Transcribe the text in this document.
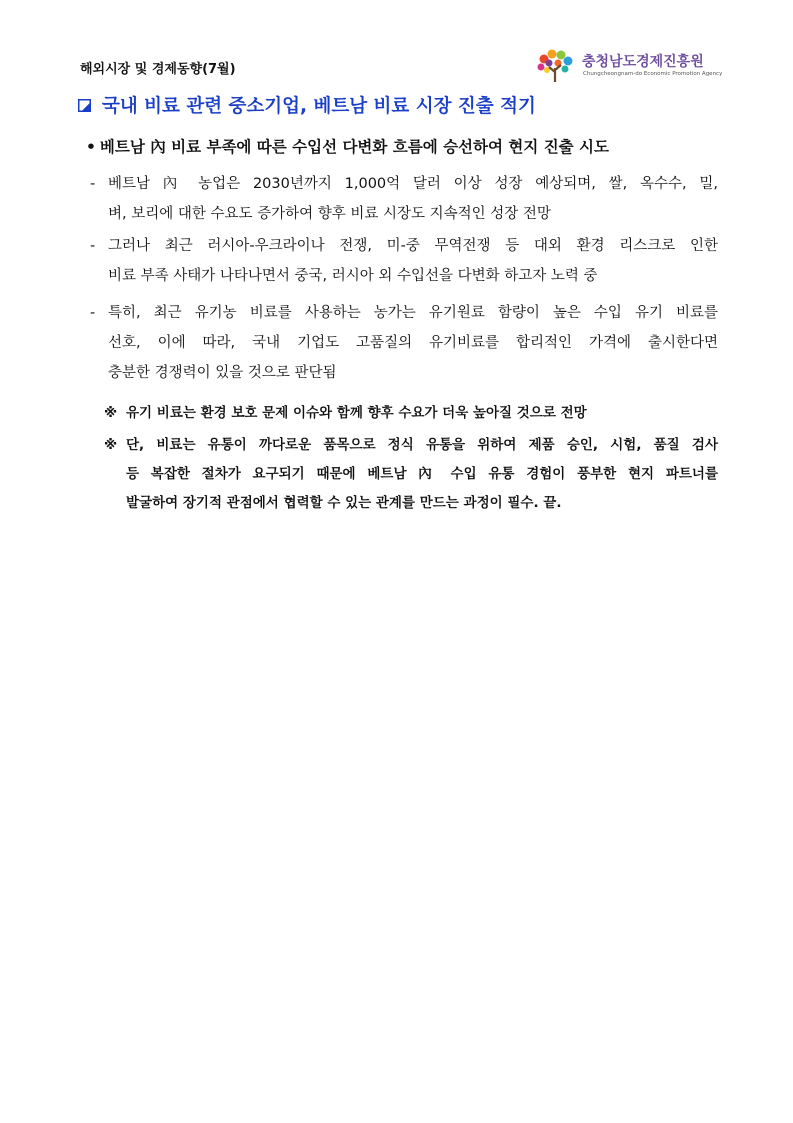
해외시장 및 경제동향(7월)	충청남도경제진흥원
Chungcheongnam-do Economic Promotion Agency
국내 비료 관련 중소기업, 베트남 비료 시장 진출 적기
• 베트남 內 비료 부족에 따른 수입선 다변화 흐름에 승선하여 현지 진출 시도
- 베트남 內 농업은 2030년까지 1,000억 달러 이상 성장 예상되며, 쌀, 옥수수, 밀,
벼, 보리에 대한 수요도 증가하여 향후 비료 시장도 지속적인 성장 전망
- 그러나 최근 러시아-우크라이나 전쟁, 미-중 무역전쟁 등 대외 환경 리스크로 인한
비료 부족 사태가 나타나면서 중국, 러시아 외 수입선을 다변화 하고자 노력 중
- 특히, 최근 유기농 비료를 사용하는 농가는 유기원료 함량이 높은 수입 유기 비료를
선호, 이에 따라, 국내 기업도 고품질의 유기비료를 합리적인 가격에 출시한다면
충분한 경쟁력이 있을 것으로 판단됨
※ 유기 비료는 환경 보호 문제 이슈와 함께 향후 수요가 더욱 높아질 것으로 전망
※ 단, 비료는 유통이 까다로운 품목으로 정식 유통을 위하여 제품 승인, 시험, 품질 검사
등 복잡한 절차가 요구되기 때문에 베트남 內 수입 유통 경험이 풍부한 현지 파트너를
발굴하여 장기적 관점에서 협력할 수 있는 관계를 만드는 과정이 필수. 끝.
